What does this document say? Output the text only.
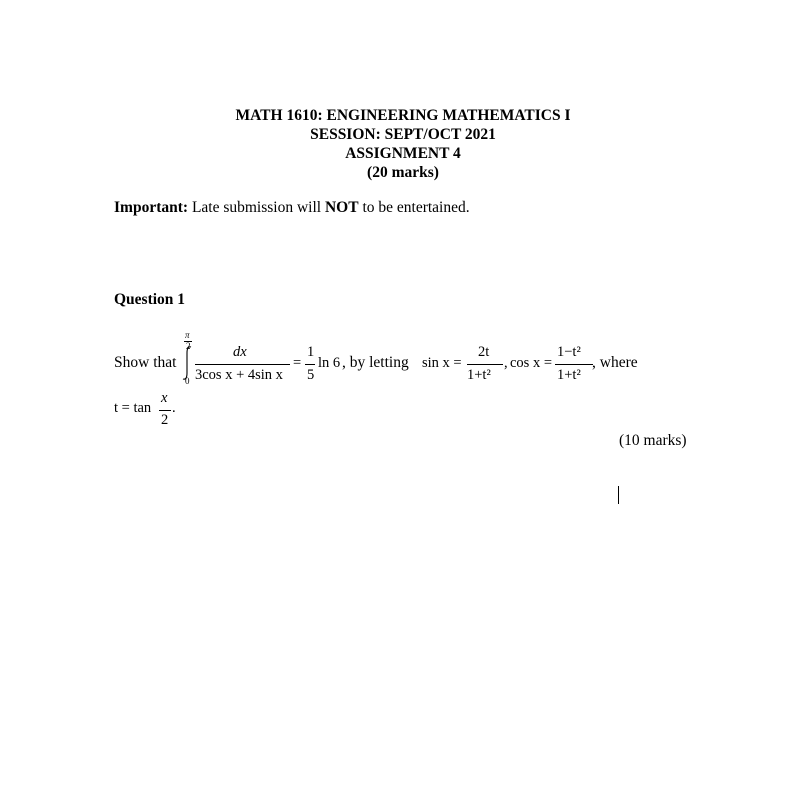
MATH 1610: ENGINEERING MATHEMATICS I
SESSION: SEPT/OCT 2021
ASSIGNMENT 4
(20 marks)
Important: Late submission will NOT to be entertained.
Question 1
Show that
π
2
0
dx
3cos x + 4sin x
=
1
5
ln 6 , by letting sin x =
2t
1+t²
, cos x =
1−t²
1+t²
, where
t = tan
x
2
.
(10 marks)
